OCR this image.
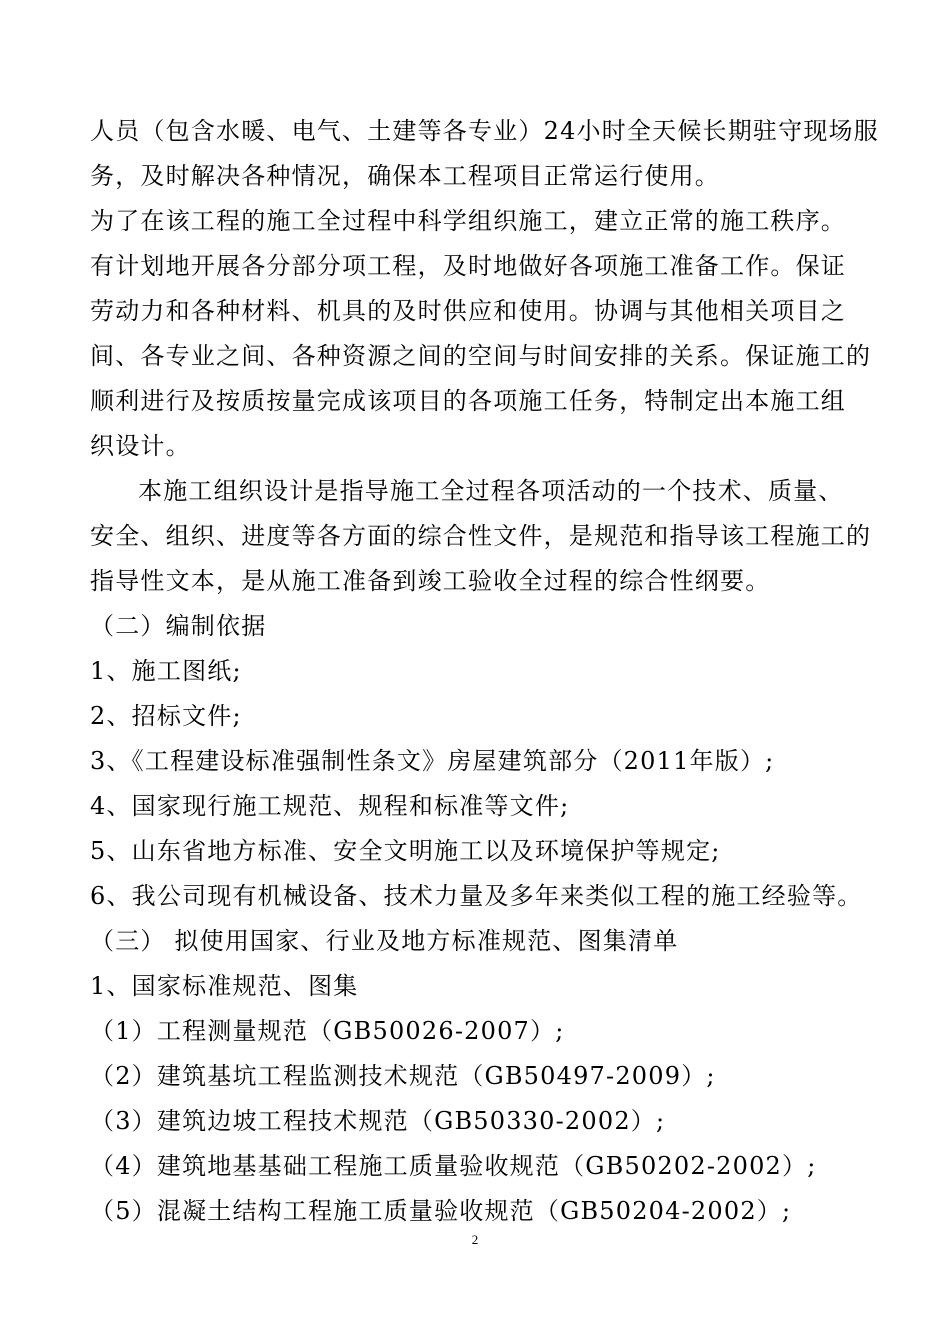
人员（包含水暖、电气、土建等各专业）24小时全天候长期驻守现场服
务，及时解决各种情况，确保本工程项目正常运行使用。
为了在该工程的施工全过程中科学组织施工，建立正常的施工秩序。
有计划地开展各分部分项工程，及时地做好各项施工准备工作。保证
劳动力和各种材料、机具的及时供应和使用。协调与其他相关项目之
间、各专业之间、各种资源之间的空间与时间安排的关系。保证施工的
顺利进行及按质按量完成该项目的各项施工任务，特制定出本施工组
织设计。
本施工组织设计是指导施工全过程各项活动的一个技术、质量、
安全、组织、进度等各方面的综合性文件，是规范和指导该工程施工的
指导性文本，是从施工准备到竣工验收全过程的综合性纲要。
（二）编制依据
1、施工图纸;
2、招标文件;
3、《工程建设标准强制性条文》房屋建筑部分（2011年版）;
4、国家现行施工规范、规程和标准等文件;
5、山东省地方标准、安全文明施工以及环境保护等规定;
6、我公司现有机械设备、技术力量及多年来类似工程的施工经验等。
（三） 拟使用国家、行业及地方标准规范、图集清单
1、国家标准规范、图集
（1）工程测量规范（GB50026-2007）;
（2）建筑基坑工程监测技术规范（GB50497-2009）;
（3）建筑边坡工程技术规范（GB50330-2002）;
（4）建筑地基基础工程施工质量验收规范（GB50202-2002）;
（5）混凝土结构工程施工质量验收规范（GB50204-2002）;
2
